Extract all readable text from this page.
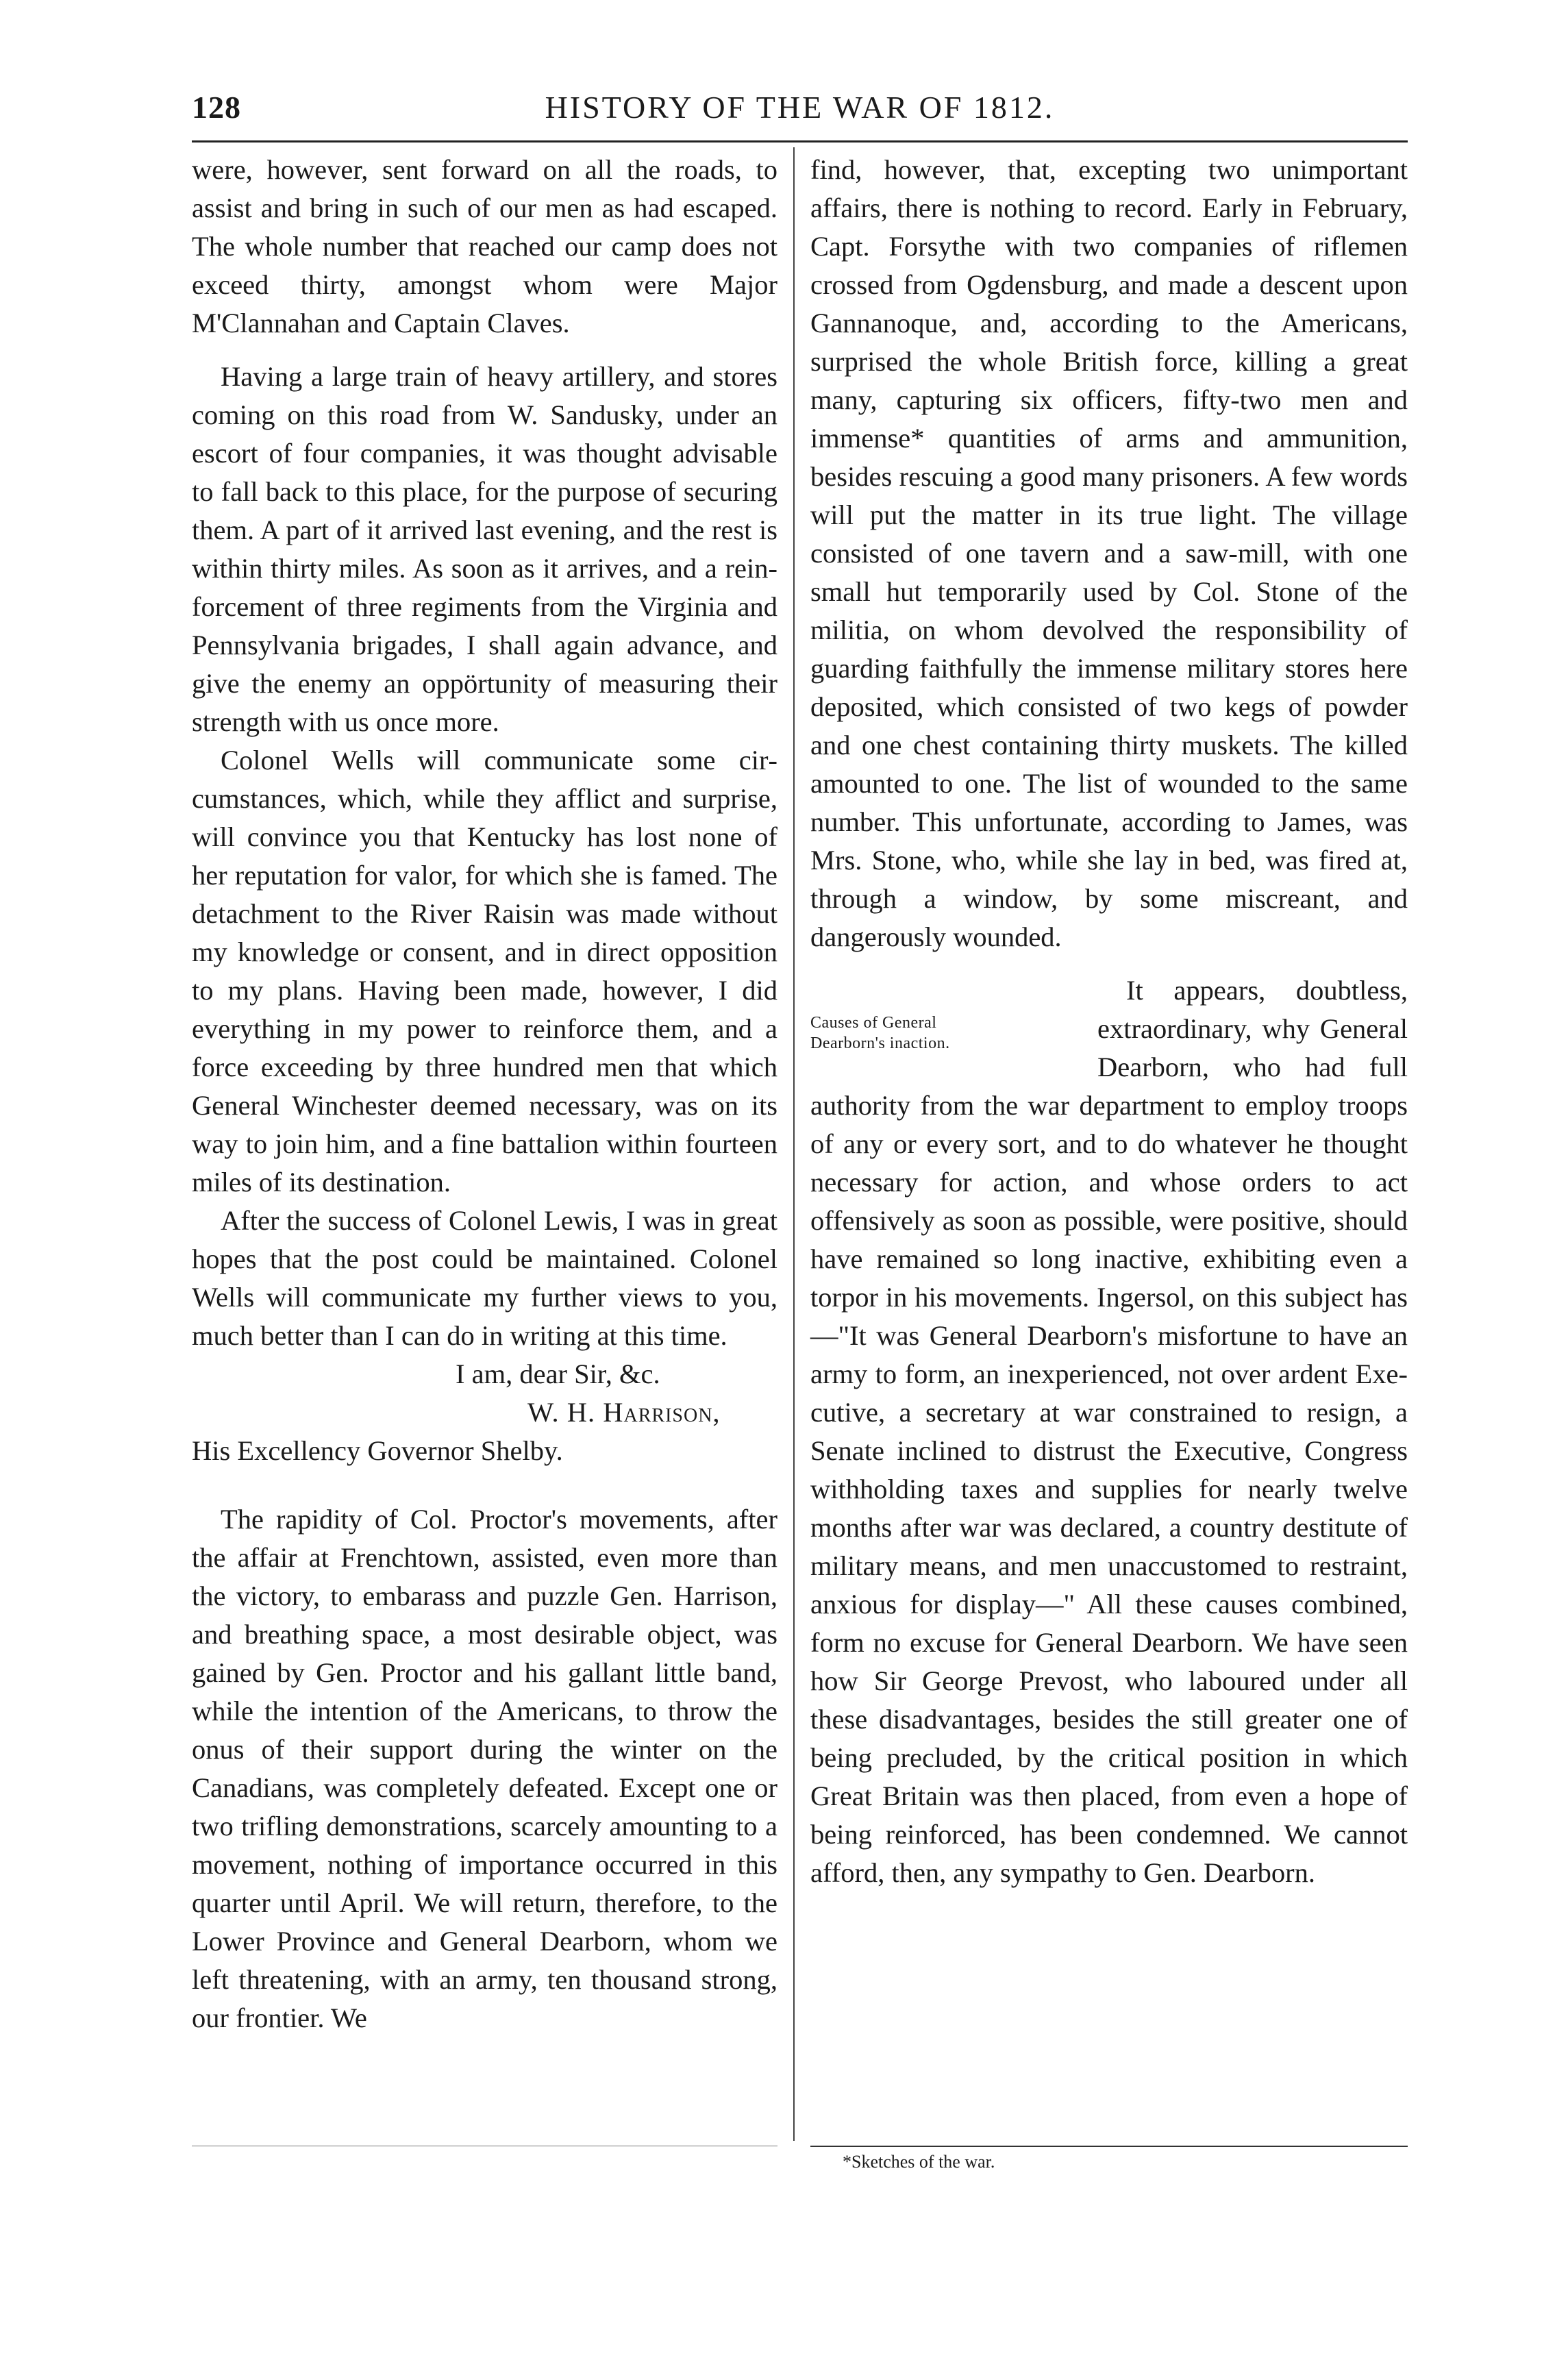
128	HISTORY OF THE WAR OF 1812.

were, however, sent forward on all the roads, to assist and bring in such of our men as had escaped. The whole number that reached our camp does not exceed thirty, amongst whom were Major M'Clannahan and Captain Claves.

Having a large train of heavy artillery, and stores coming on this road from W. Sandusky, under an escort of four companies, it was thought advisable to fall back to this place, for the purpose of securing them. A part of it arrived last evening, and the rest is within thirty miles. As soon as it arrives, and a reinforcement of three regiments from the Virginia and Pennsylvania brigades, I shall again advance, and give the enemy an oppörtunity of measuring their strength with us once more.

Colonel Wells will communicate some circumstances, which, while they afflict and surprise, will convince you that Kentucky has lost none of her reputation for valor, for which she is famed. The detachment to the River Raisin was made without my knowledge or consent, and in direct opposition to my plans. Having been made, however, I did everything in my power to reinforce them, and a force exceeding by three hundred men that which General Winchester deemed necessary, was on its way to join him, and a fine battalion within fourteen miles of its destination.

After the success of Colonel Lewis, I was in great hopes that the post could be maintained. Colonel Wells will communicate my further views to you, much better than I can do in writing at this time.

I am, dear Sir, &c.

W. H. Harrison,

His Excellency Governor Shelby.

The rapidity of Col. Proctor's movements, after the affair at Frenchtown, assisted, even more than the victory, to embarass and puzzle Gen. Harrison, and breathing space, a most desirable object, was gained by Gen. Proctor and his gallant little band, while the intention of the Americans, to throw the onus of their support during the winter on the Canadians, was completely defeated. Except one or two trifling demonstrations, scarcely amounting to a movement, nothing of importance occurred in this quarter until April. We will return, therefore, to the Lower Province and General Dearborn, whom we left threatening, with an army, ten thousand strong, our frontier. We

find, however, that, excepting two unimportant affairs, there is nothing to record. Early in February, Capt. Forsythe with two companies of riflemen crossed from Ogdensburg, and made a descent upon Gannanoque, and, according to the Americans, surprised the whole British force, killing a great many, capturing six officers, fifty-two men and immense* quantities of arms and ammunition, besides rescuing a good many prisoners. A few words will put the matter in its true light. The village consisted of one tavern and a saw-mill, with one small hut temporarily used by Col. Stone of the militia, on whom devolved the responsibility of guarding faithfully the immense military stores here deposited, which consisted of two kegs of powder and one chest containing thirty muskets. The killed amounted to one. The list of wounded to the same number. This unfortunate, according to James, was Mrs. Stone, who, while she lay in bed, was fired at, through a window, by some miscreant, and dangerously wounded.

Causes of General
Dearborn's inaction.

It appears, doubtless, extraordinary, why General Dearborn, who had full authority from the war department to employ troops of any or every sort, and to do whatever he thought necessary for action, and whose orders to act offensively as soon as possible, were positive, should have remained so long inactive, exhibiting even a torpor in his movements. Ingersol, on this subject has—"It was General Dearborn's misfortune to have an army to form, an inexperienced, not over ardent Executive, a secretary at war constrained to resign, a Senate inclined to distrust the Executive, Congress withholding taxes and supplies for nearly twelve months after war was declared, a country destitute of military means, and men unaccustomed to restraint, anxious for display—" All these causes combined, form no excuse for General Dearborn. We have seen how Sir George Prevost, who laboured under all these disadvantages, besides the still greater one of being precluded, by the critical position in which Great Britain was then placed, from even a hope of being reinforced, has been condemned. We cannot afford, then, any sympathy to Gen. Dearborn.

*Sketches of the war.
